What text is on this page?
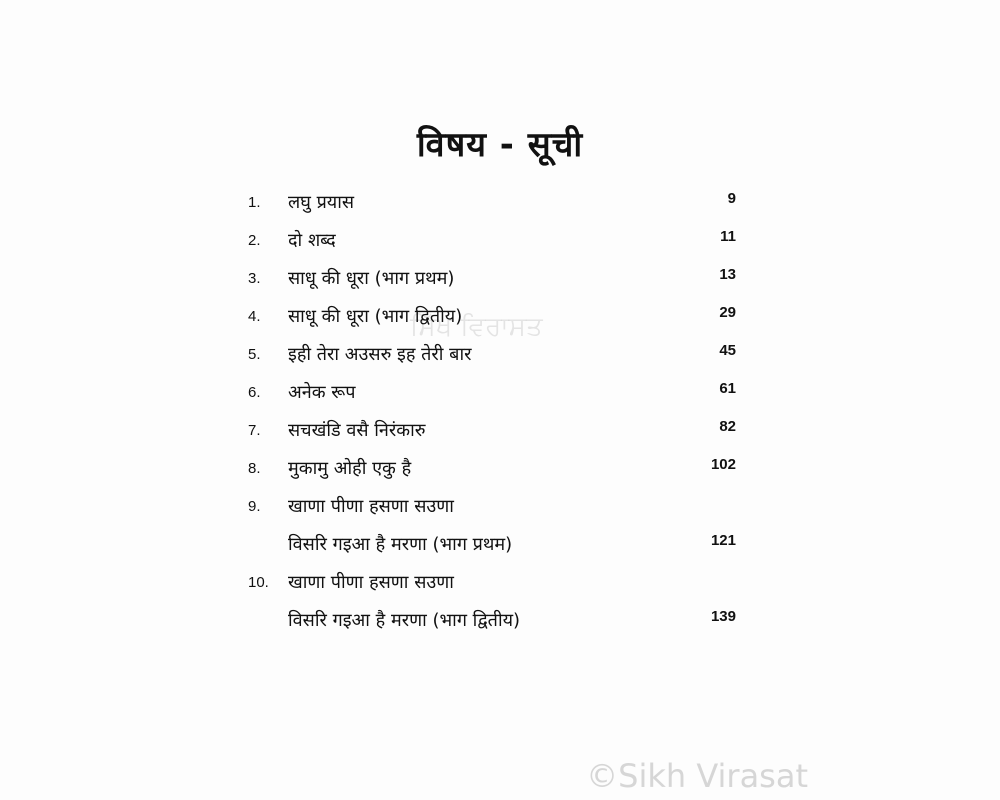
विषय - सूची
ਸਿੱਖ ਵਿਰਾਸਤ
1. लघु प्रयास	9
2. दो शब्द	11
3. साधू की धूरा (भाग प्रथम)	13
4. साधू की धूरा (भाग द्वितीय)	29
5. इही तेरा अउसरु इह तेरी बार	45
6. अनेक रूप	61
7. सचखंडि वसै निरंकारु	82
8. मुकामु ओही एकु है	102
9. खाणा पीणा हसणा सउणा
विसरि गइआ है मरणा (भाग प्रथम)	121
10. खाणा पीणा हसणा सउणा
विसरि गइआ है मरणा (भाग द्वितीय)	139
©Sikh Virasat
